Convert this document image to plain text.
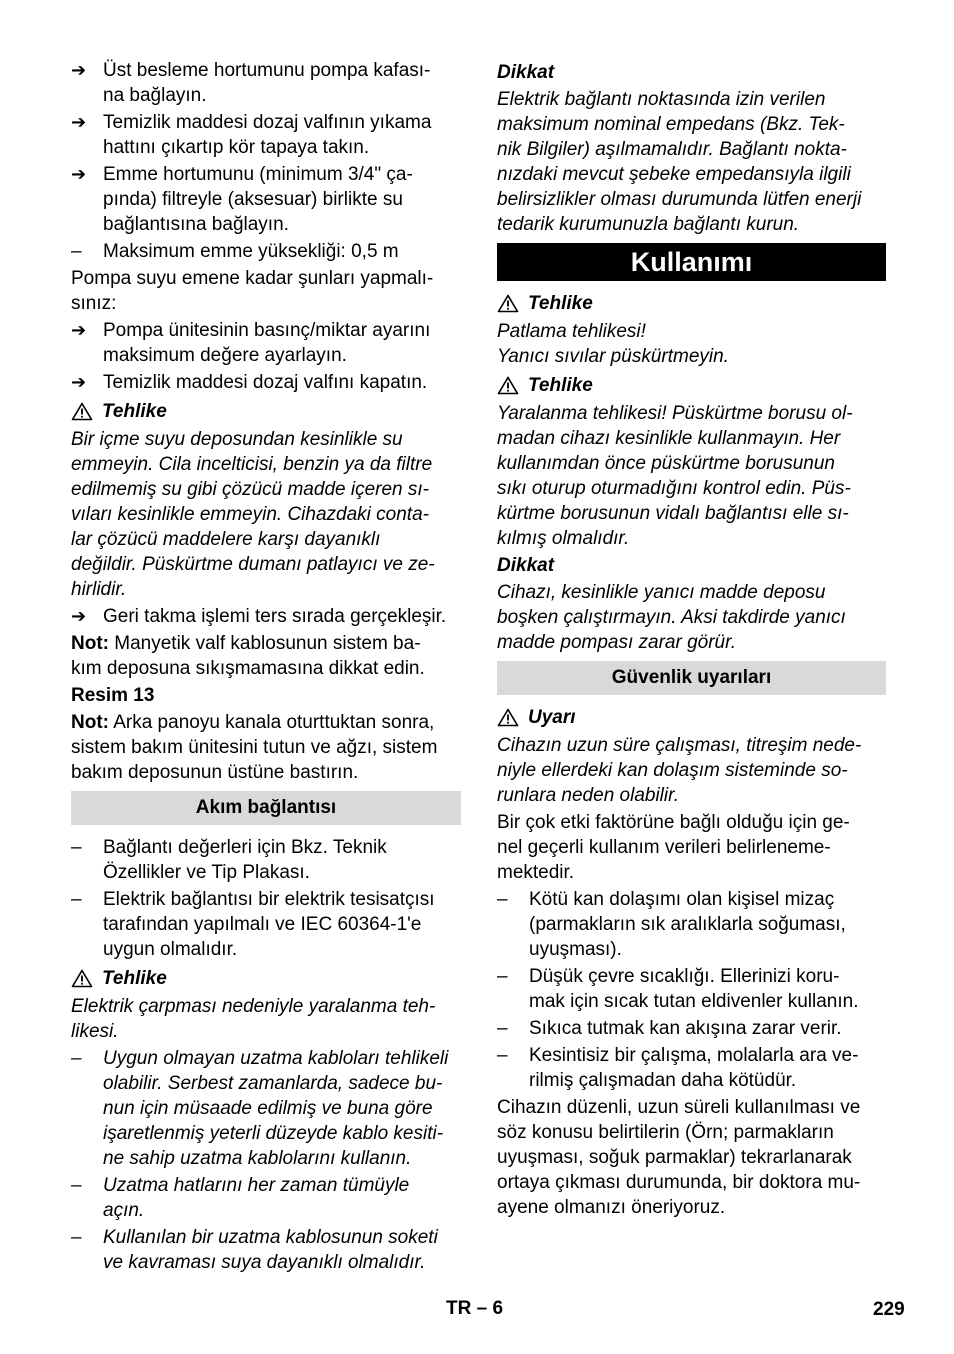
➔ Üst besleme hortumunu pompa kafası-
na bağlayın.
➔ Temizlik maddesi dozaj valfının yıkama
hattını çıkartıp kör tapaya takın.
➔ Emme hortumunu (minimum 3/4" ça-
pında) filtreyle (aksesuar) birlikte su
bağlantısına bağlayın.
–	Maksimum emme yüksekliği: 0,5 m
Pompa suyu emene kadar şunları yapmalı-
sınız:
➔ Pompa ünitesinin basınç/miktar ayarını
maksimum değere ayarlayın.
➔ Temizlik maddesi dozaj valfını kapatın.
Tehlike
Bir içme suyu deposundan kesinlikle su
emmeyin. Cila incelticisi, benzin ya da filtre
edilmemiş su gibi çözücü madde içeren sı-
vıları kesinlikle emmeyin. Cihazdaki conta-
lar çözücü maddelere karşı dayanıklı
değildir. Püskürtme dumanı patlayıcı ve ze-
hirlidir.
➔ Geri takma işlemi ters sırada gerçekleşir.
Not: Manyetik valf kablosunun sistem ba-
kım deposuna sıkışmamasına dikkat edin.
Resim 13
Not: Arka panoyu kanala oturttuktan sonra,
sistem bakım ünitesini tutun ve ağzı, sistem
bakım deposunun üstüne bastırın.
Akım bağlantısı
–	Bağlantı değerleri için Bkz. Teknik
Özellikler ve Tip Plakası.
–	Elektrik bağlantısı bir elektrik tesisatçısı
tarafından yapılmalı ve IEC 60364-1'e
uygun olmalıdır.
Tehlike
Elektrik çarpması nedeniyle yaralanma teh-
likesi.
–	Uygun olmayan uzatma kabloları tehlikeli
olabilir. Serbest zamanlarda, sadece bu-
nun için müsaade edilmiş ve buna göre
işaretlenmiş yeterli düzeyde kablo kesiti-
ne sahip uzatma kablolarını kullanın.
–	Uzatma hatlarını her zaman tümüyle
açın.
–	Kullanılan bir uzatma kablosunun soketi
ve kavraması suya dayanıklı olmalıdır.
Dikkat
Elektrik bağlantı noktasında izin verilen
maksimum nominal empedans (Bkz. Tek-
nik Bilgiler) aşılmamalıdır. Bağlantı nokta-
nızdaki mevcut şebeke empedansıyla ilgili
belirsizlikler olması durumunda lütfen enerji
tedarik kurumunuzla bağlantı kurun.
Kullanımı
Tehlike
Patlama tehlikesi!
Yanıcı sıvılar püskürtmeyin.
Tehlike
Yaralanma tehlikesi! Püskürtme borusu ol-
madan cihazı kesinlikle kullanmayın. Her
kullanımdan önce püskürtme borusunun
sıkı oturup oturmadığını kontrol edin. Püs-
kürtme borusunun vidalı bağlantısı elle sı-
kılmış olmalıdır.
Dikkat
Cihazı, kesinlikle yanıcı madde deposu
boşken çalıştırmayın. Aksi takdirde yanıcı
madde pompası zarar görür.
Güvenlik uyarıları
Uyarı
Cihazın uzun süre çalışması, titreşim nede-
niyle ellerdeki kan dolaşım sisteminde so-
runlara neden olabilir.
Bir çok etki faktörüne bağlı olduğu için ge-
nel geçerli kullanım verileri belirleneme-
mektedir.
–	Kötü kan dolaşımı olan kişisel mizaç
(parmakların sık aralıklarla soğuması,
uyuşması).
–	Düşük çevre sıcaklığı. Ellerinizi koru-
mak için sıcak tutan eldivenler kullanın.
–	Sıkıca tutmak kan akışına zarar verir.
–	Kesintisiz bir çalışma, molalarla ara ve-
rilmiş çalışmadan daha kötüdür.
Cihazın düzenli, uzun süreli kullanılması ve
söz konusu belirtilerin (Örn; parmakların
uyuşması, soğuk parmaklar) tekrarlanarak
ortaya çıkması durumunda, bir doktora mu-
ayene olmanızı öneriyoruz.
TR – 6	229
